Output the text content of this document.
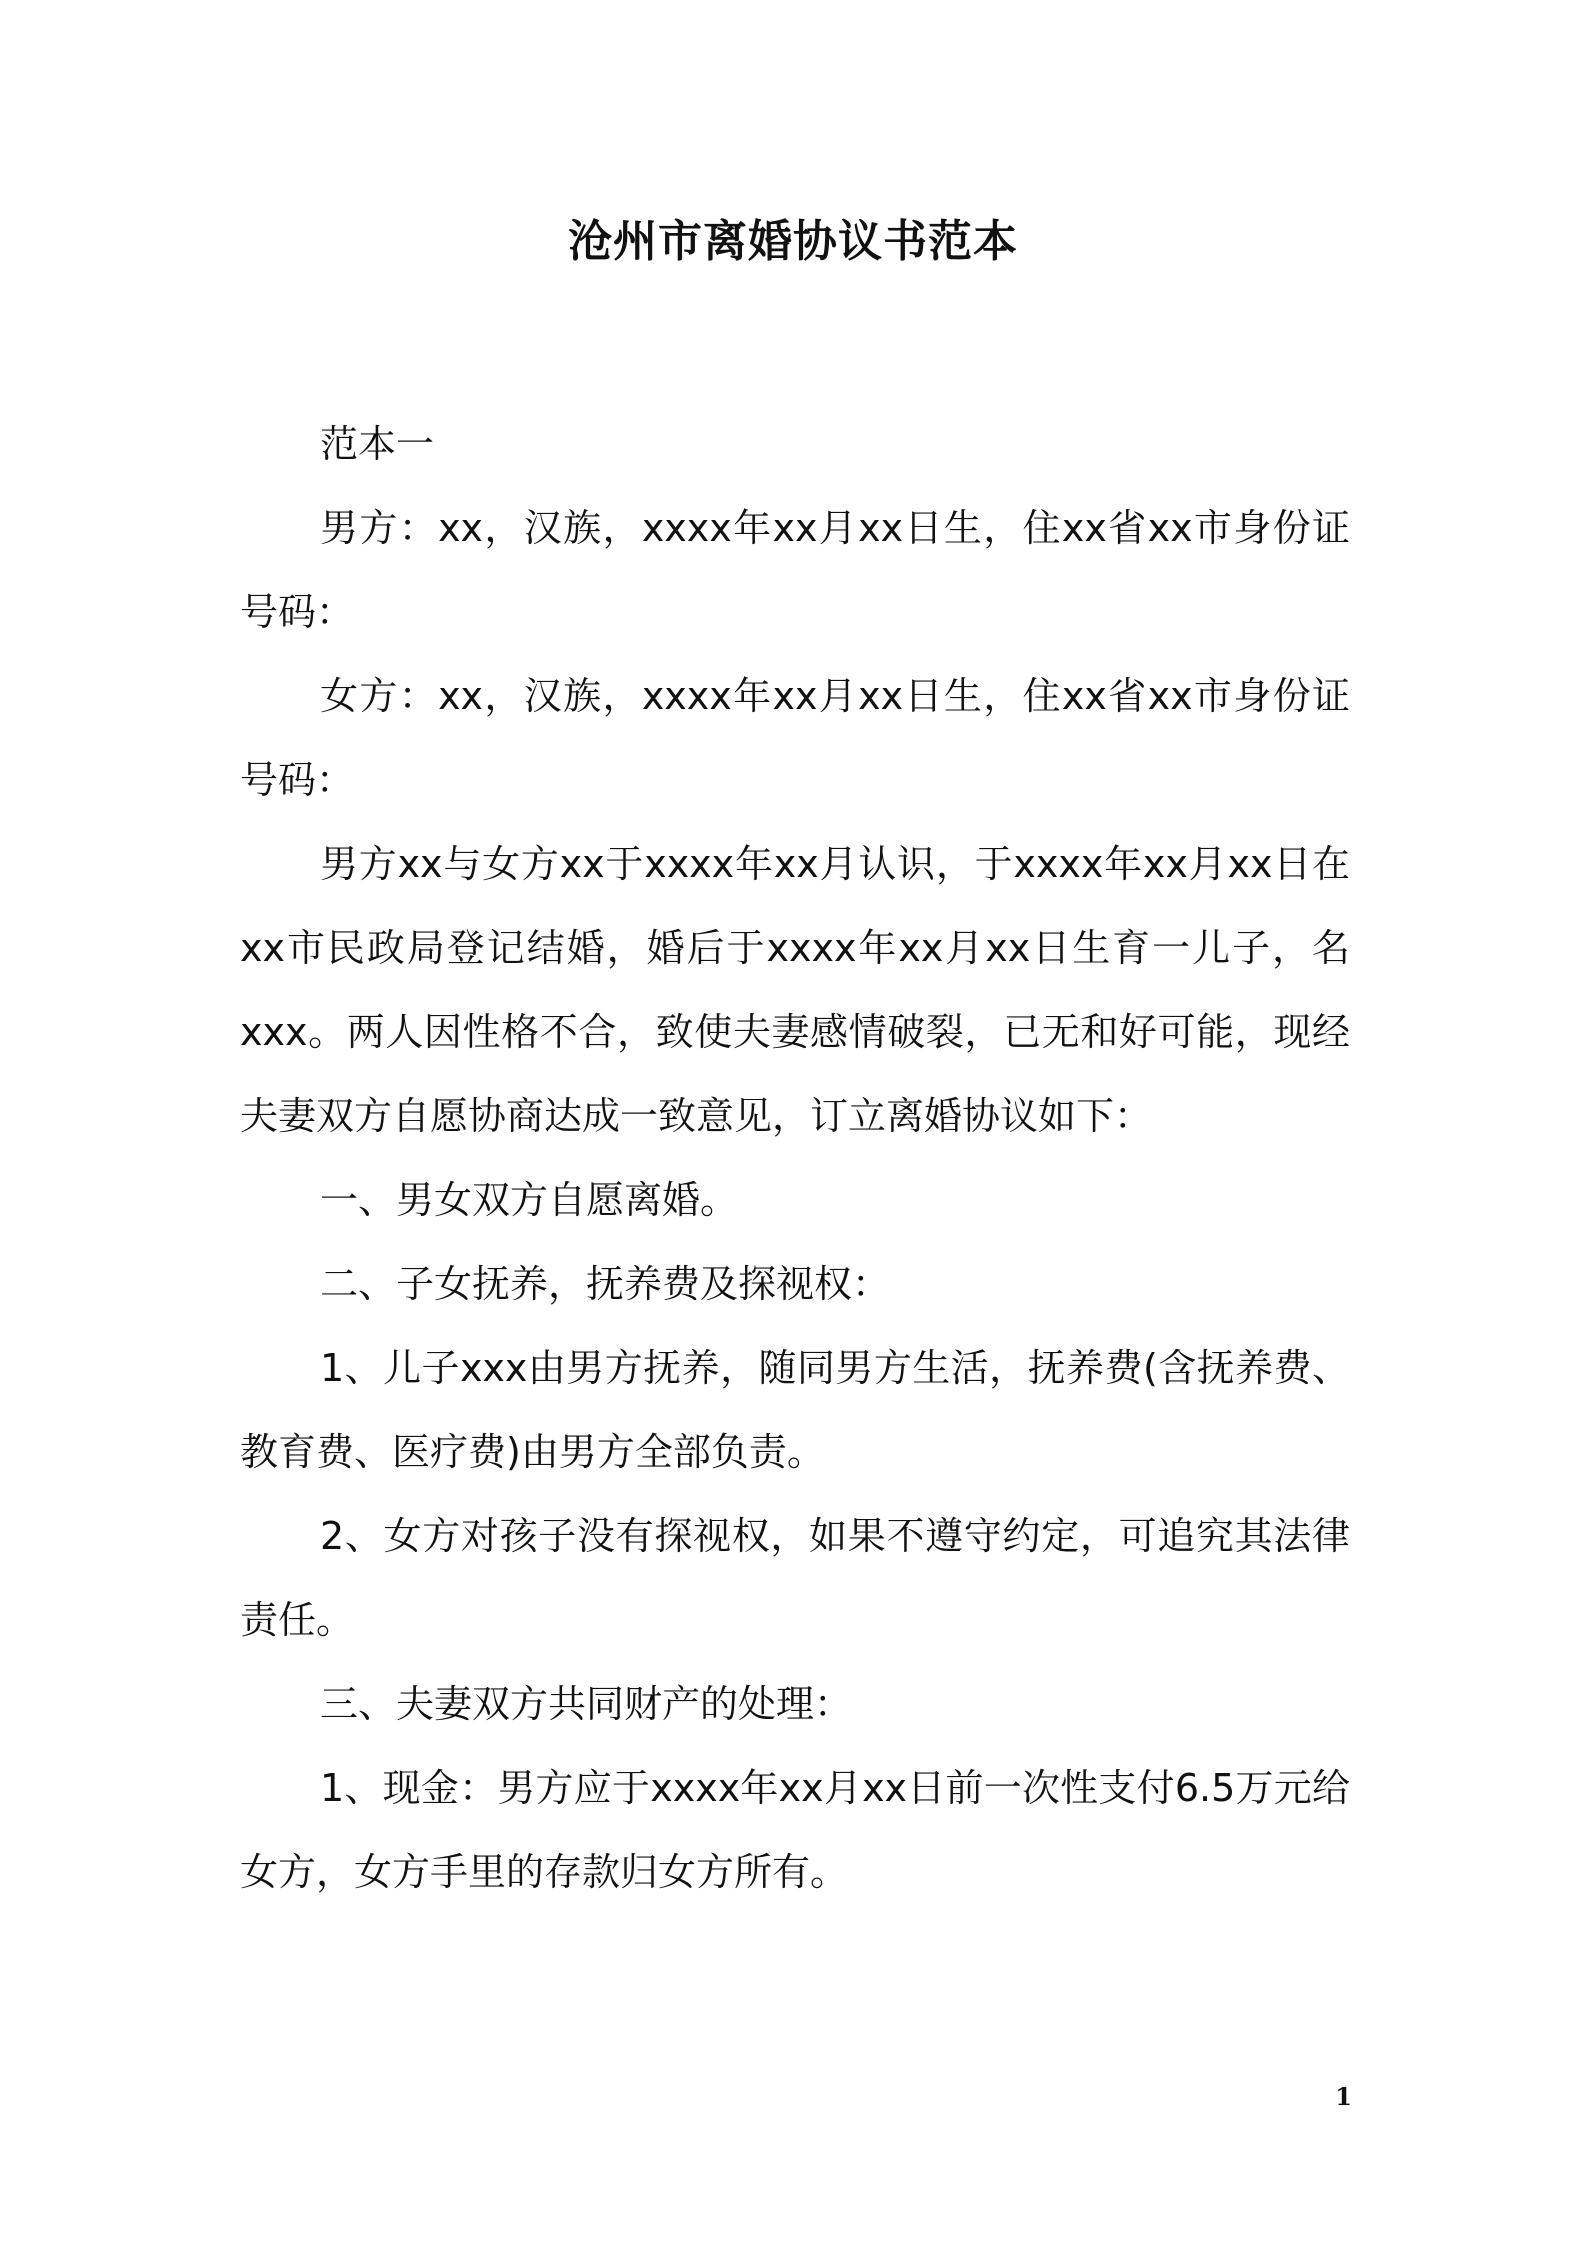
沧州市离婚协议书范本

范本一

男方：xx，汉族，xxxx年xx月xx日生，住xx省xx市身份证号码：

女方：xx，汉族，xxxx年xx月xx日生，住xx省xx市身份证号码：

男方xx与女方xx于xxxx年xx月认识，于xxxx年xx月xx日在xx市民政局登记结婚，婚后于xxxx年xx月xx日生育一儿子，名xxx。两人因性格不合，致使夫妻感情破裂，已无和好可能，现经夫妻双方自愿协商达成一致意见，订立离婚协议如下：

一、男女双方自愿离婚。

二、子女抚养，抚养费及探视权：

1、儿子xxx由男方抚养，随同男方生活，抚养费(含抚养费、教育费、医疗费)由男方全部负责。

2、女方对孩子没有探视权，如果不遵守约定，可追究其法律责任。

三、夫妻双方共同财产的处理：

1、现金：男方应于xxxx年xx月xx日前一次性支付6.5万元给女方，女方手里的存款归女方所有。

1
